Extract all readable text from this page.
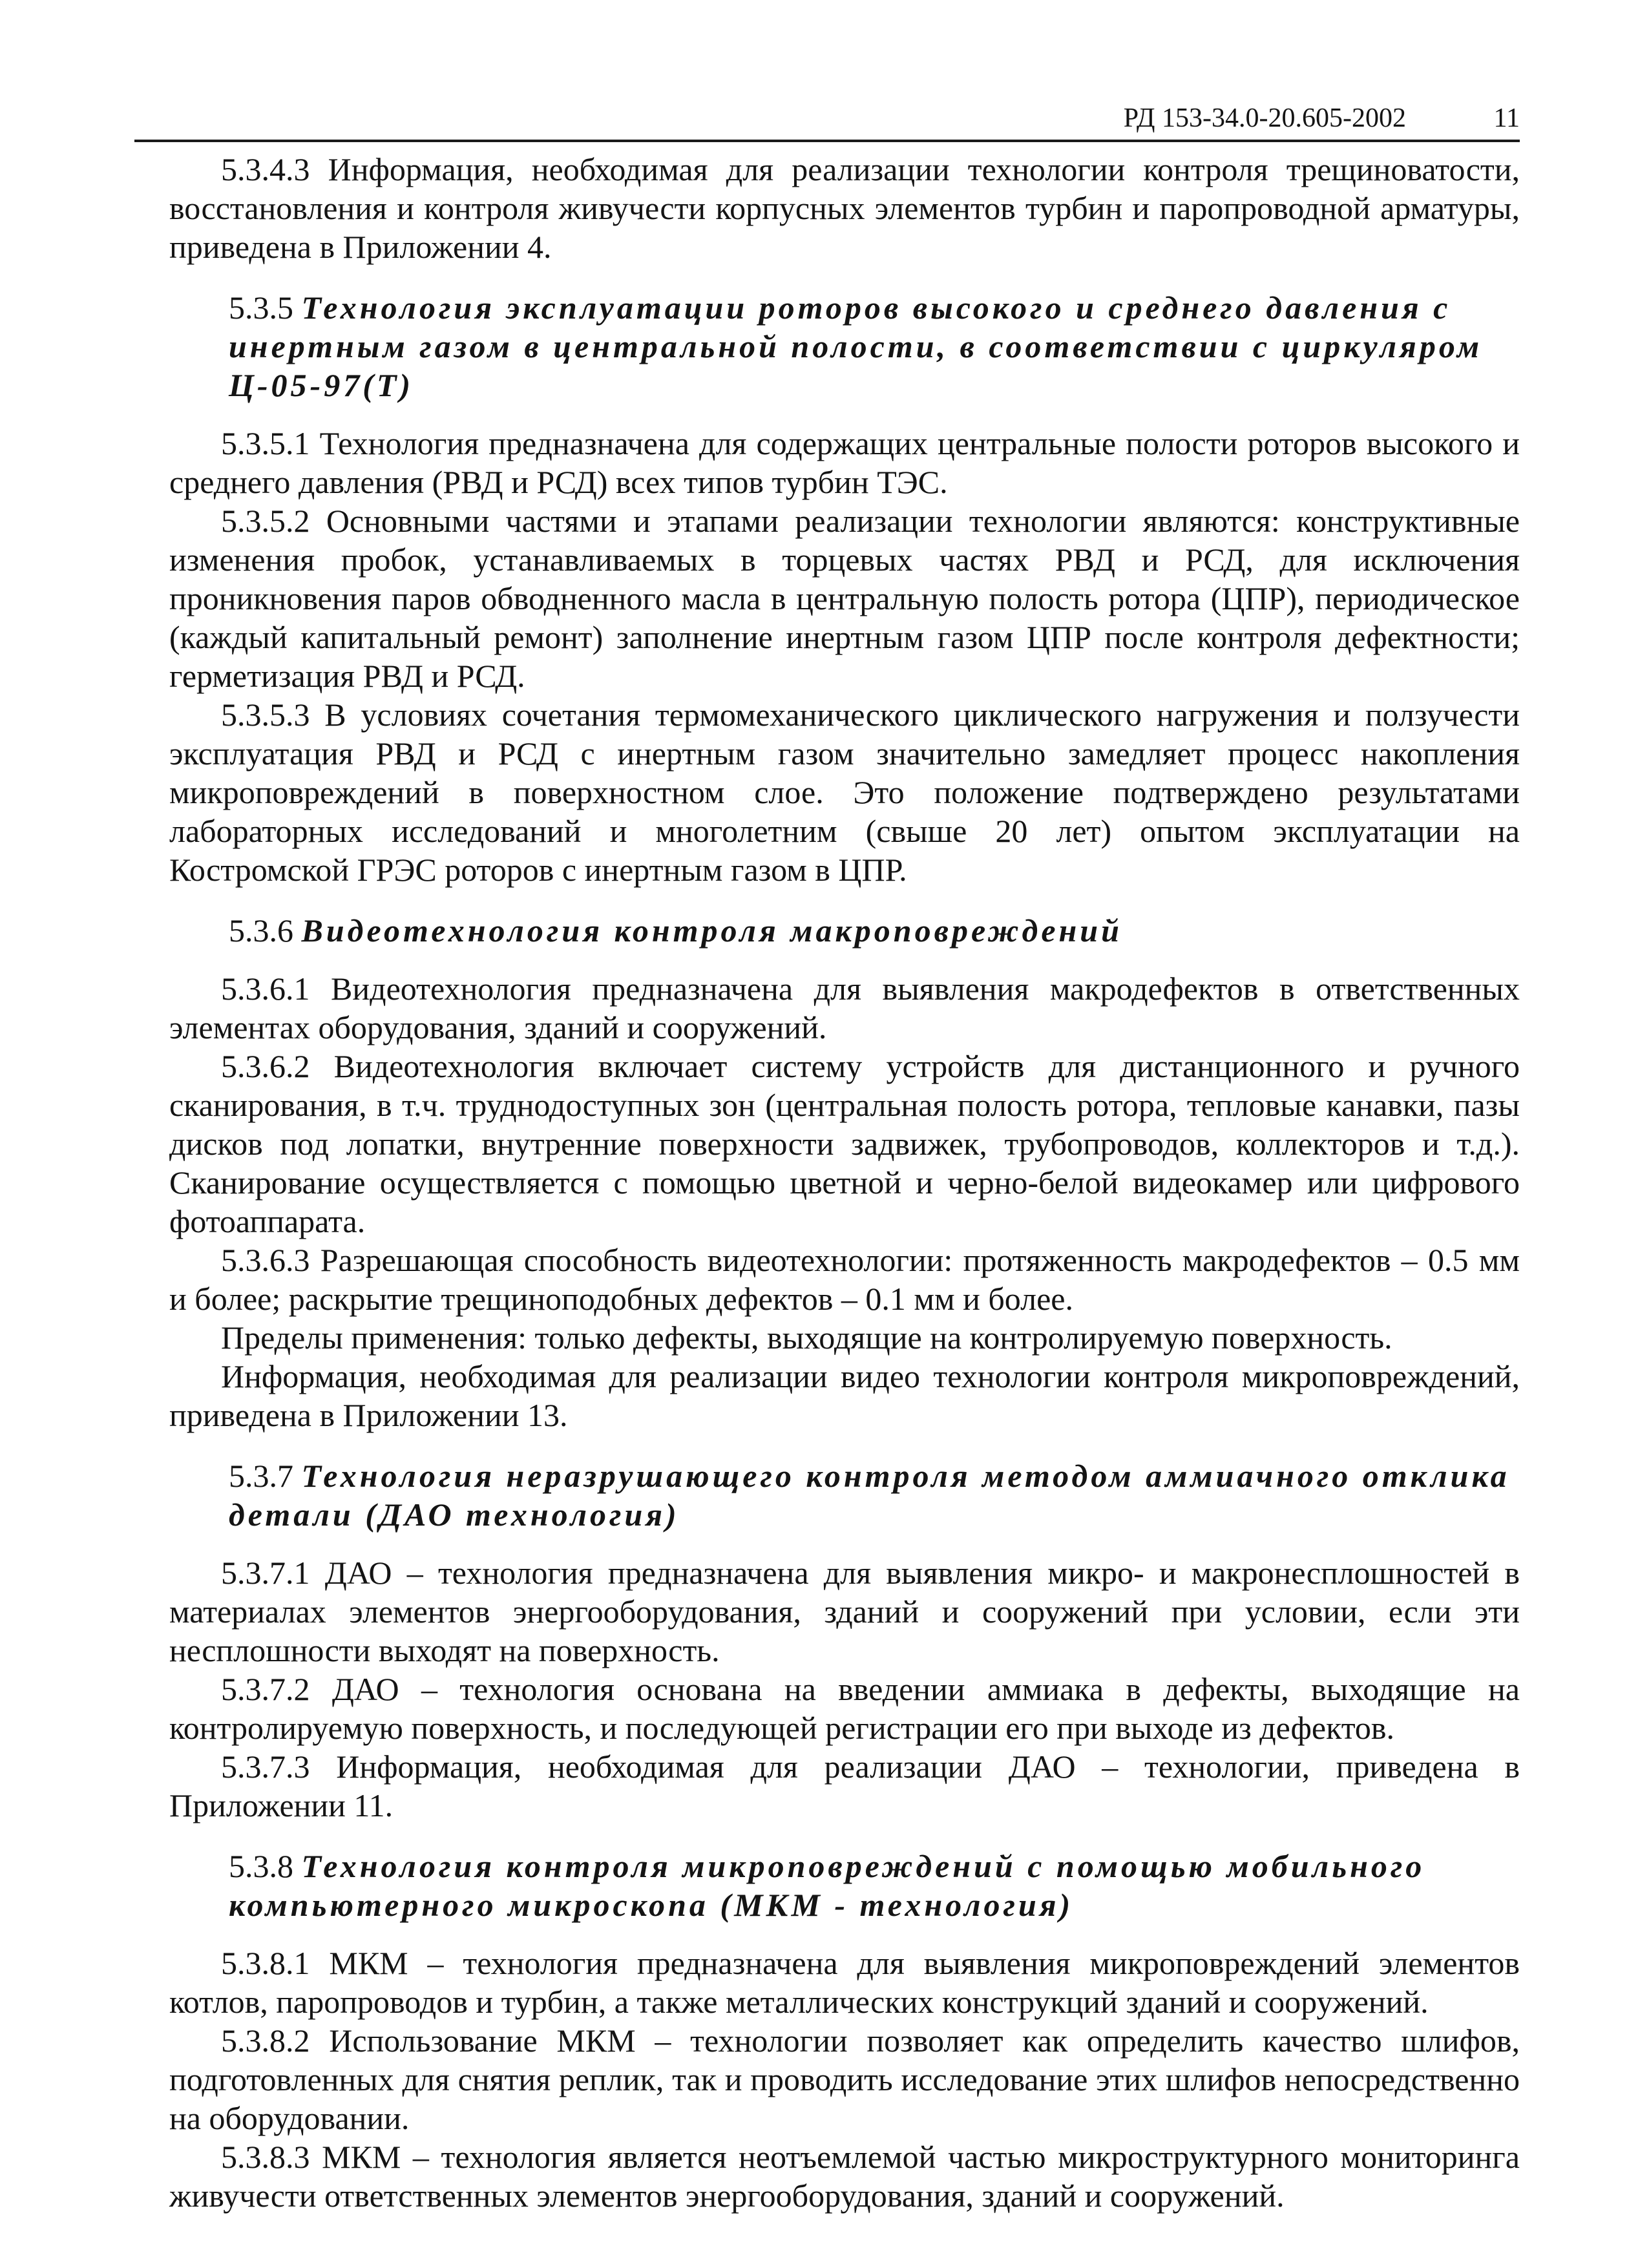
РД 153-34.0-20.605-2002	11

5.3.4.3 Информация, необходимая для реализации технологии контроля трещиноватости, восстановления и контроля живучести корпусных элементов турбин и паропроводной арматуры, приведена в Приложении 4.

5.3.5 Технология эксплуатации роторов высокого и среднего давления с инертным газом в центральной полости, в соответствии с циркуляром Ц-05-97(Т)

5.3.5.1 Технология предназначена для содержащих центральные полости роторов высокого и среднего давления (РВД и РСД) всех типов турбин ТЭС.

5.3.5.2 Основными частями и этапами реализации технологии являются: конструктивные изменения пробок, устанавливаемых в торцевых частях РВД и РСД, для исключения проникновения паров обводненного масла в центральную полость ротора (ЦПР), периодическое (каждый капитальный ремонт) заполнение инертным газом ЦПР после контроля дефектности; герметизация РВД и РСД.

5.3.5.3 В условиях сочетания термомеханического циклического нагружения и ползучести эксплуатация РВД и РСД с инертным газом значительно замедляет процесс накопления микроповреждений в поверхностном слое. Это положение подтверждено результатами лабораторных исследований и многолетним (свыше 20 лет) опытом эксплуатации на Костромской ГРЭС роторов с инертным газом в ЦПР.

5.3.6 Видеотехнология контроля макроповреждений

5.3.6.1 Видеотехнология предназначена для выявления макродефектов в ответственных элементах оборудования, зданий и сооружений.

5.3.6.2 Видеотехнология включает систему устройств для дистанционного и ручного сканирования, в т.ч. труднодоступных зон (центральная полость ротора, тепловые канавки, пазы дисков под лопатки, внутренние поверхности задвижек, трубопроводов, коллекторов и т.д.). Сканирование осуществляется с помощью цветной и черно-белой видеокамер или цифрового фотоаппарата.

5.3.6.3 Разрешающая способность видеотехнологии: протяженность макродефектов – 0.5 мм и более; раскрытие трещиноподобных дефектов – 0.1 мм и более.

Пределы применения: только дефекты, выходящие на контролируемую поверхность.

Информация, необходимая для реализации видео технологии контроля микроповреждений, приведена в Приложении 13.

5.3.7 Технология неразрушающего контроля методом аммиачного отклика детали (ДАО технология)

5.3.7.1 ДАО – технология предназначена для выявления микро- и макронесплошностей в материалах элементов энергооборудования, зданий и сооружений при условии, если эти несплошности выходят на поверхность.

5.3.7.2 ДАО – технология основана на введении аммиака в дефекты, выходящие на контролируемую поверхность, и последующей регистрации его при выходе из дефектов.

5.3.7.3 Информация, необходимая для реализации ДАО – технологии, приведена в Приложении 11.

5.3.8 Технология контроля микроповреждений с помощью мобильного компьютерного микроскопа (МКМ - технология)

5.3.8.1 МКМ – технология предназначена для выявления микроповреждений элементов котлов, паропроводов и турбин, а также металлических конструкций зданий и сооружений.

5.3.8.2 Использование МКМ – технологии позволяет как определить качество шлифов, подготовленных для снятия реплик, так и проводить исследование этих шлифов непосредственно на оборудовании.

5.3.8.3 МКМ – технология является неотъемлемой частью микроструктурного мониторинга живучести ответственных элементов энергооборудования, зданий и сооружений.
